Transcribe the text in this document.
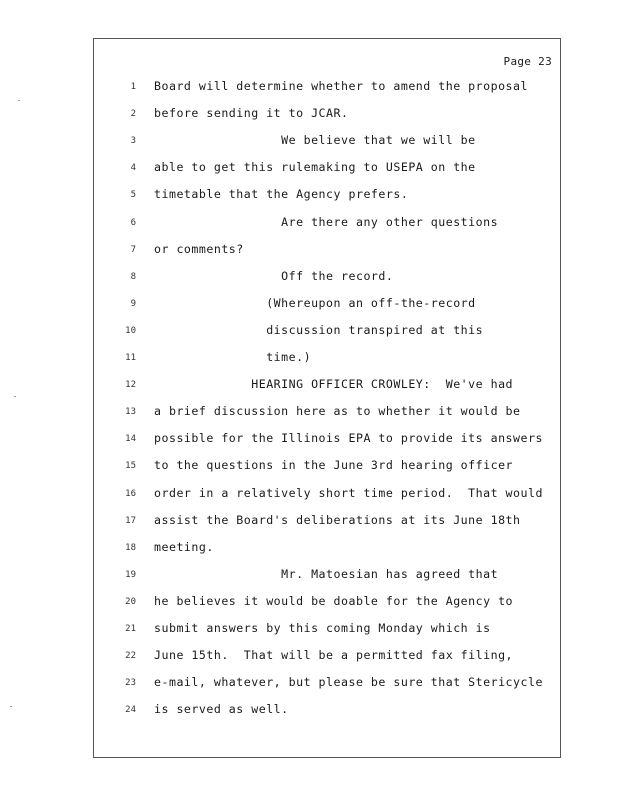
Page 23
1 Board will determine whether to amend the proposal
2 before sending it to JCAR.
3 We believe that we will be
4 able to get this rulemaking to USEPA on the
5 timetable that the Agency prefers.
6 Are there any other questions
7 or comments?
8 Off the record.
9 (Whereupon an off-the-record
10 discussion transpired at this
11 time.)
12 HEARING OFFICER CROWLEY:  We've had
13 a brief discussion here as to whether it would be
14 possible for the Illinois EPA to provide its answers
15 to the questions in the June 3rd hearing officer
16 order in a relatively short time period.  That would
17 assist the Board's deliberations at its June 18th
18 meeting.
19 Mr. Matoesian has agreed that
20 he believes it would be doable for the Agency to
21 submit answers by this coming Monday which is
22 June 15th.  That will be a permitted fax filing,
23 e-mail, whatever, but please be sure that Stericycle
24 is served as well.
